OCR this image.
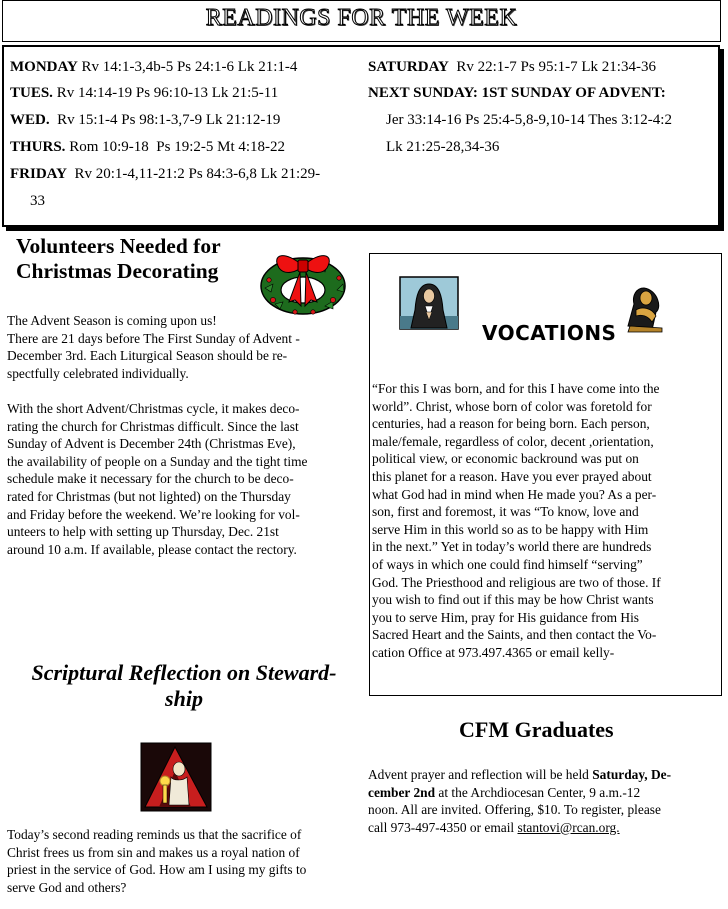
READINGS FOR THE WEEK
MONDAY Rv 14:1-3,4b-5 Ps 24:1-6 Lk 21:1-4
TUES. Rv 14:14-19 Ps 96:10-13 Lk 21:5-11
WED.  Rv 15:1-4 Ps 98:1-3,7-9 Lk 21:12-19
THURS. Rom 10:9-18  Ps 19:2-5 Mt 4:18-22
FRIDAY  Rv 20:1-4,11-21:2 Ps 84:3-6,8 Lk 21:29-
33
SATURDAY  Rv 22:1-7 Ps 95:1-7 Lk 21:34-36
NEXT SUNDAY: 1ST SUNDAY OF ADVENT:
Jer 33:14-16 Ps 25:4-5,8-9,10-14 Thes 3:12-4:2
Lk 21:25-28,34-36
Volunteers Needed for
Christmas Decorating

The Advent Season is coming upon us!

There are 21 days before The First Sunday of Advent -

December 3rd. Each Liturgical Season should be re-

spectfully celebrated individually.

With the short Advent/Christmas cycle, it makes deco-

rating the church for Christmas difficult. Since the last

Sunday of Advent is December 24th (Christmas Eve),

the availability of people on a Sunday and the tight time

schedule make it necessary for the church to be deco-

rated for Christmas (but not lighted) on the Thursday

and Friday before the weekend. We’re looking for vol-

unteers to help with setting up Thursday, Dec. 21st

around 10 a.m. If available, please contact the rectory.

VOCATIONS

“For this I was born, and for this I have come into the

world”. Christ, whose born of color was foretold for

centuries, had a reason for being born. Each person,

male/female, regardless of color, decent ,orientation,

political view, or economic backround was put on

this planet for a reason. Have you ever prayed about

what God had in mind when He made you? As a per-

son, first and foremost, it was “To know, love and

serve Him in this world so as to be happy with Him

in the next.” Yet in today’s world there are hundreds

of ways in which one could find himself “serving”

God. The Priesthood and religious are two of those. If

you wish to find out if this may be how Christ wants

you to serve Him, pray for His guidance from His

Sacred Heart and the Saints, and then contact the Vo-

cation Office at 973.497.4365 or email kelly-

Scriptural Reflection on Steward-
ship

Today’s second reading reminds us that the sacrifice of

Christ frees us from sin and makes us a royal nation of

priest in the service of God. How am I using my gifts to

serve God and others?

CFM Graduates

Advent prayer and reflection will be held Saturday, De-

cember 2nd at the Archdiocesan Center, 9 a.m.-12

noon. All are invited. Offering, $10. To register, please

call 973-497-4350 or email stantovi@rcan.org.
